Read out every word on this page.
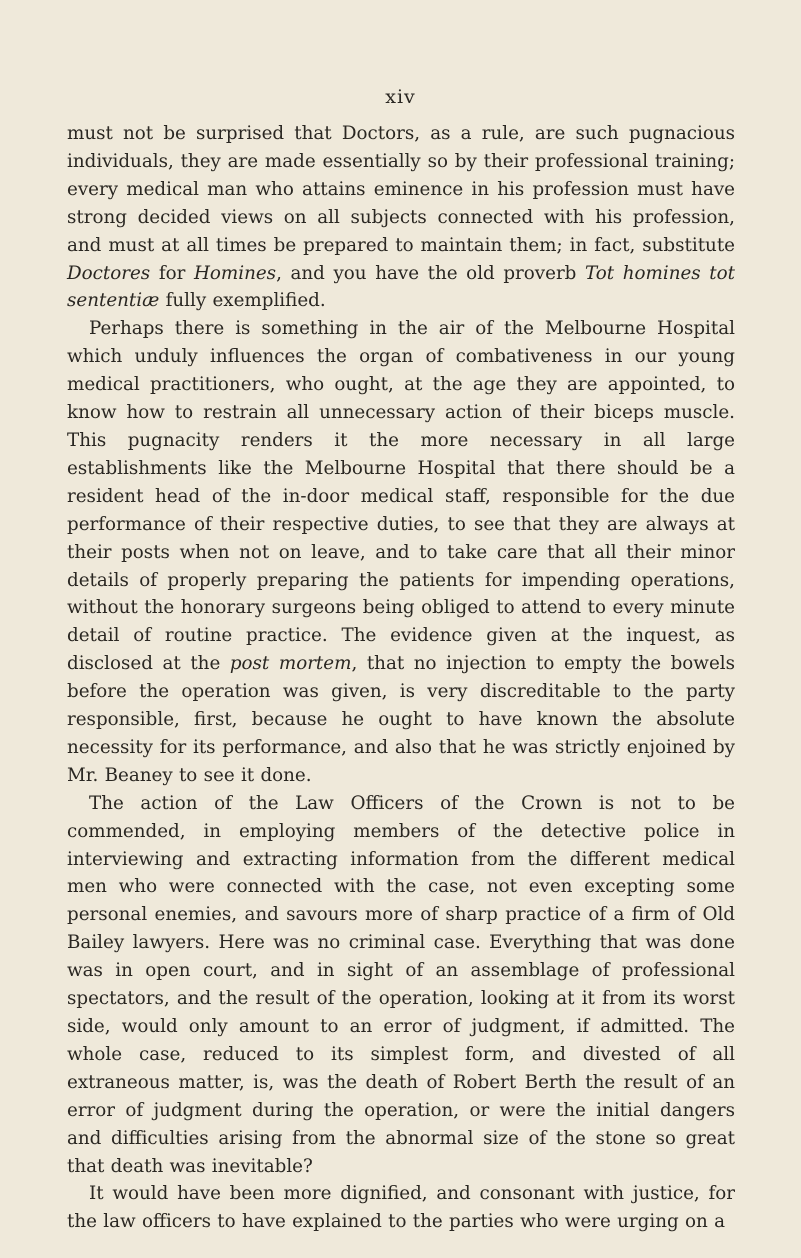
xiv

must not be surprised that Doctors, as a rule, are such pugnacious individuals, they are made essentially so by their professional training; every medical man who attains eminence in his profession must have strong decided views on all subjects connected with his profession, and must at all times be prepared to maintain them; in fact, substitute Doctores for Homines, and you have the old proverb Tot homines tot sententiæ fully exemplified.

Perhaps there is something in the air of the Melbourne Hospital which unduly influences the organ of combativeness in our young medical practitioners, who ought, at the age they are appointed, to know how to restrain all unnecessary action of their biceps muscle. This pugnacity renders it the more necessary in all large establishments like the Melbourne Hospital that there should be a resident head of the in-door medical staff, responsible for the due performance of their respective duties, to see that they are always at their posts when not on leave, and to take care that all their minor details of properly preparing the patients for impending operations, without the honorary surgeons being obliged to attend to every minute detail of routine practice. The evidence given at the inquest, as disclosed at the post mortem, that no injection to empty the bowels before the operation was given, is very discreditable to the party responsible, first, because he ought to have known the absolute necessity for its performance, and also that he was strictly enjoined by Mr. Beaney to see it done.

The action of the Law Officers of the Crown is not to be commended, in employing members of the detective police in interviewing and extracting information from the different medical men who were connected with the case, not even excepting some personal enemies, and savours more of sharp practice of a firm of Old Bailey lawyers. Here was no criminal case. Everything that was done was in open court, and in sight of an assemblage of professional spectators, and the result of the operation, looking at it from its worst side, would only amount to an error of judgment, if admitted. The whole case, reduced to its simplest form, and divested of all extraneous matter, is, was the death of Robert Berth the result of an error of judgment during the operation, or were the initial dangers and difficulties arising from the abnormal size of the stone so great that death was inevitable?

It would have been more dignified, and consonant with justice, for the law officers to have explained to the parties who were urging on a
